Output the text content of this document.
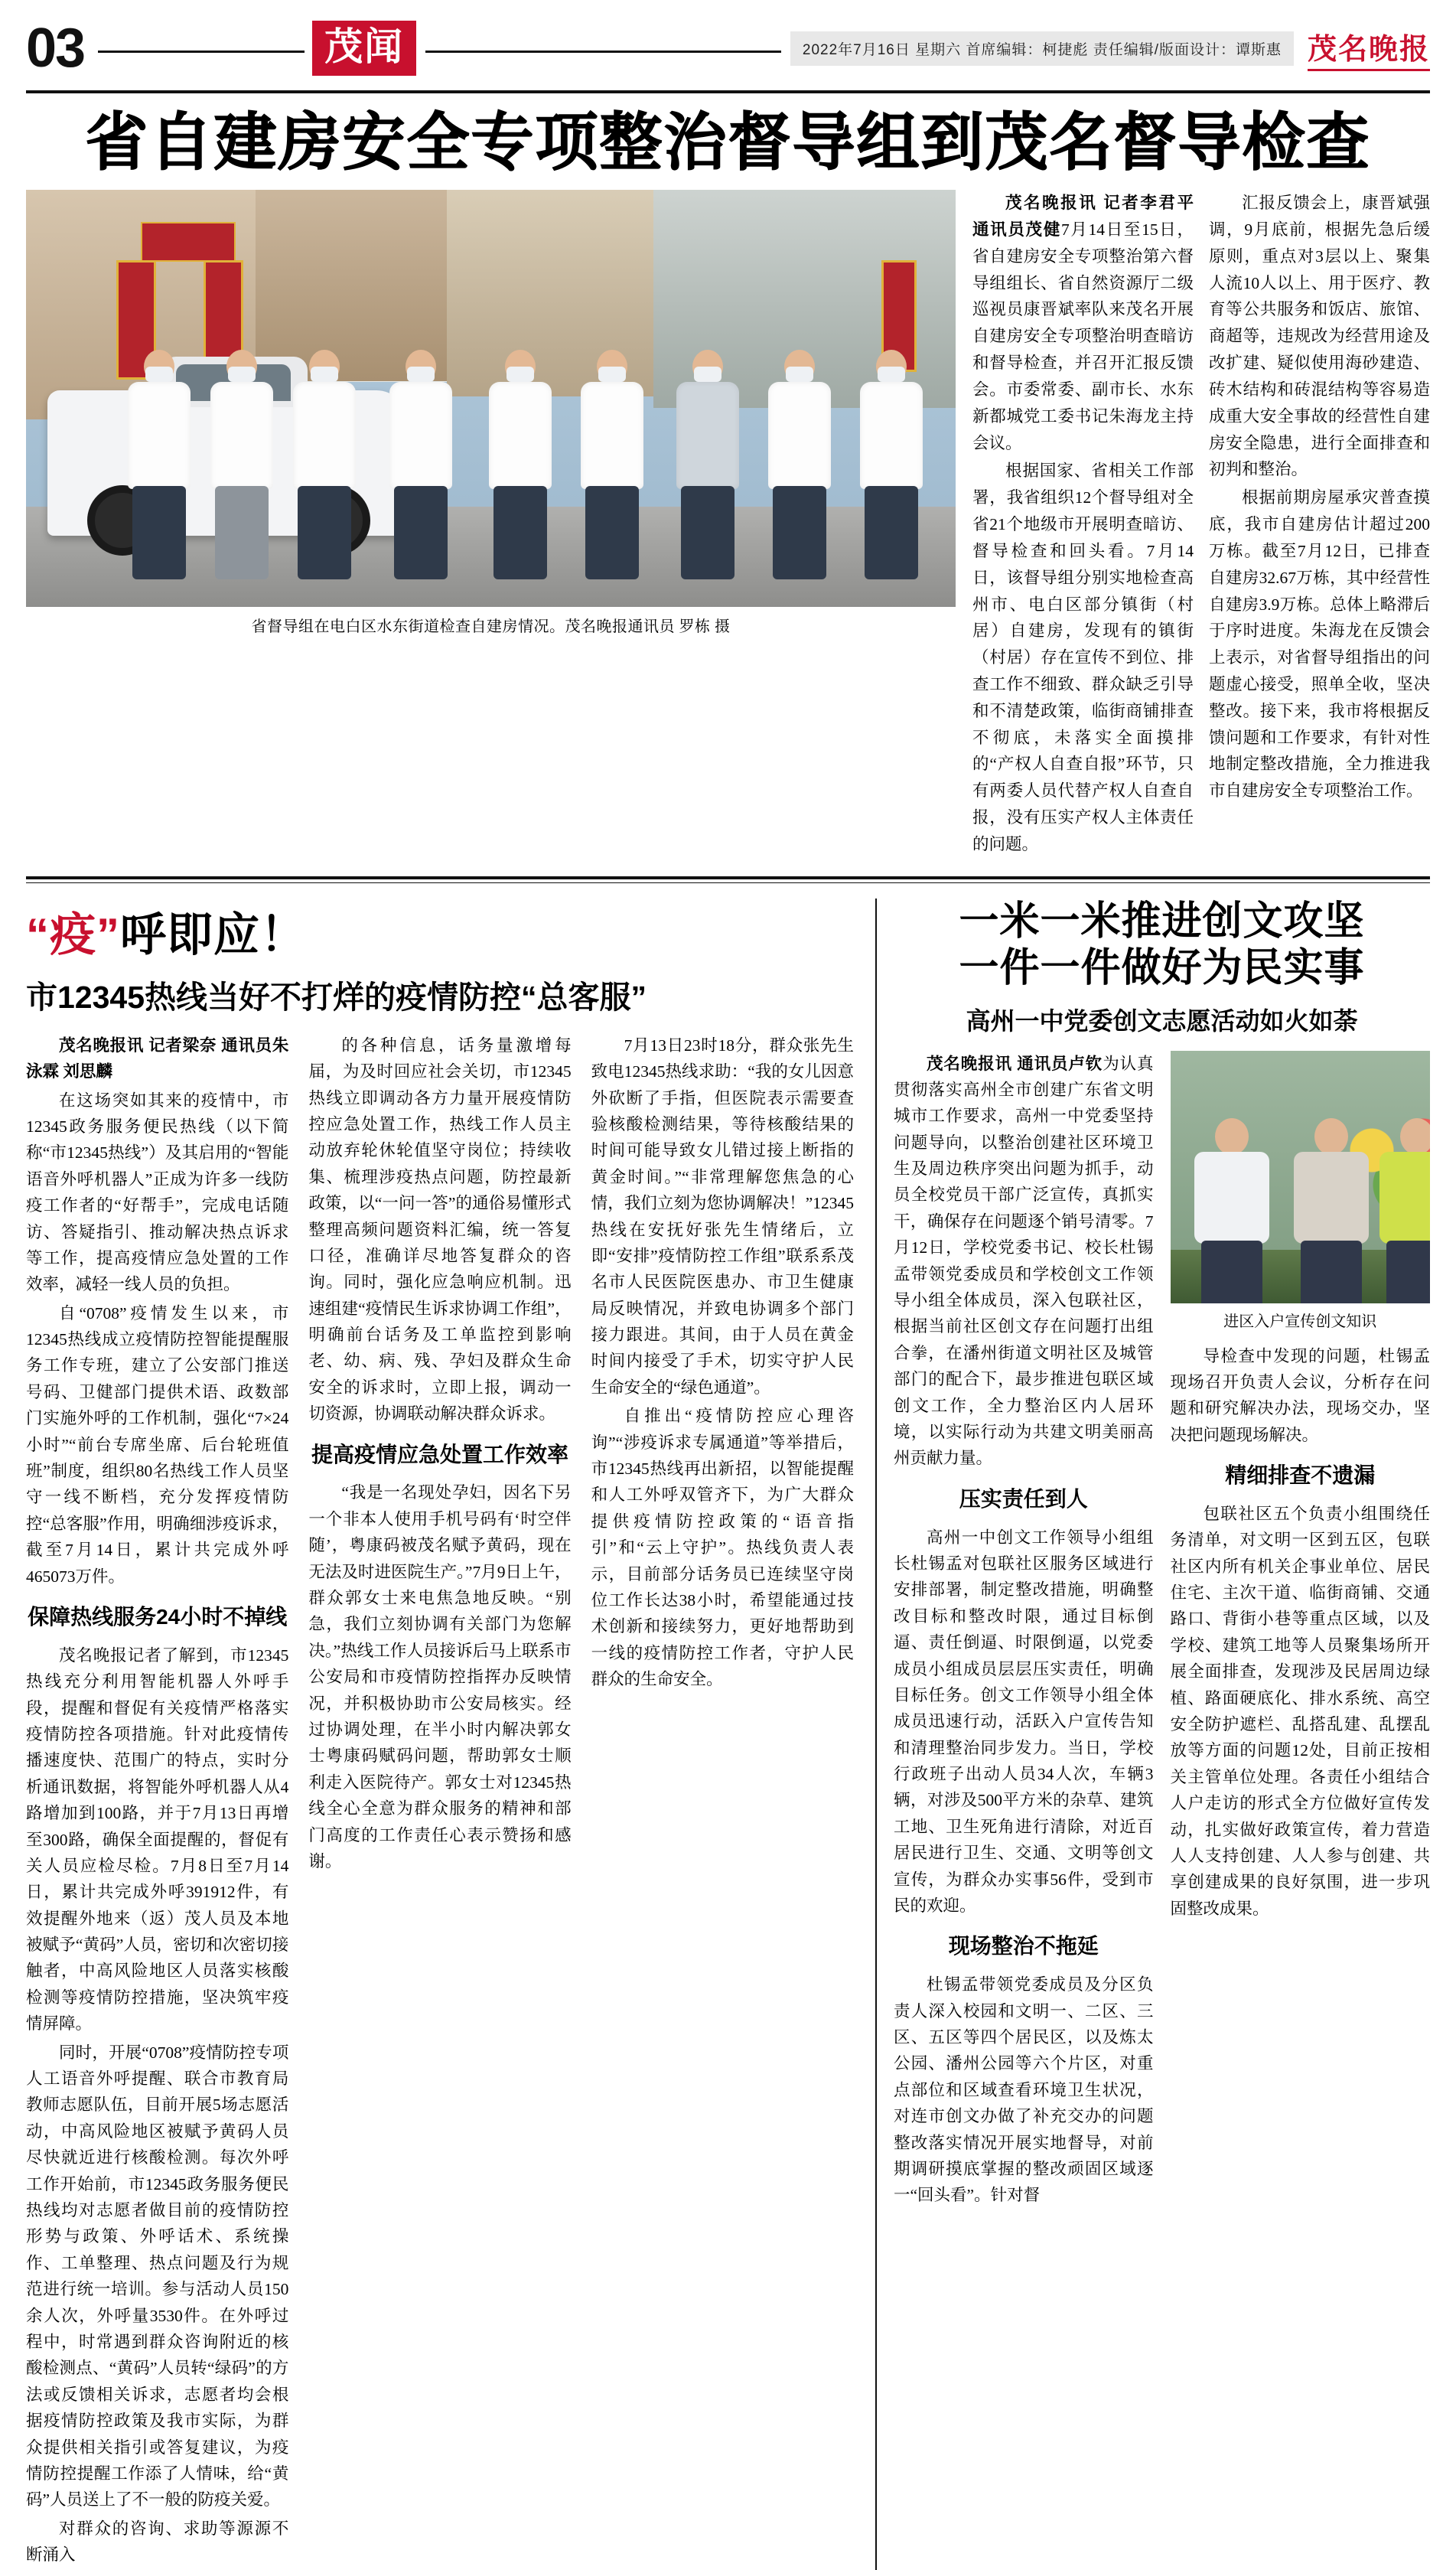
03	茂闻	2022年7月16日 星期六 首席编辑：柯捷彪 责任编辑/版面设计：谭斯惠 茂名晚报
省自建房安全专项整治督导组到茂名督导检查
省督导组在电白区水东街道检查自建房情况。茂名晚报通讯员 罗栋 摄

茂名晚报讯 记者李君平 通讯员茂健7月14日至15日，省自建房安全专项整治第六督导组组长、省自然资源厅二级巡视员康晋斌率队来茂名开展自建房安全专项整治明查暗访和督导检查，并召开汇报反馈会。市委常委、副市长、水东新都城党工委书记朱海龙主持会议。

根据国家、省相关工作部署，我省组织12个督导组对全省21个地级市开展明查暗访、督导检查和回头看。7月14日，该督导组分别实地检查高州市、电白区部分镇街（村居）自建房，发现有的镇街（村居）存在宣传不到位、排查工作不细致、群众缺乏引导和不清楚政策，临街商铺排查不彻底，未落实全面摸排的“产权人自查自报”环节，只有两委人员代替产权人自查自报，没有压实产权人主体责任的问题。

汇报反馈会上，康晋斌强调，9月底前，根据先急后缓原则，重点对3层以上、聚集人流10人以上、用于医疗、教育等公共服务和饭店、旅馆、商超等，违规改为经营用途及改扩建、疑似使用海砂建造、砖木结构和砖混结构等容易造成重大安全事故的经营性自建房安全隐患，进行全面排查和初判和整治。

根据前期房屋承灾普查摸底，我市自建房估计超过200万栋。截至7月12日，已排查自建房32.67万栋，其中经营性自建房3.9万栋。总体上略滞后于序时进度。朱海龙在反馈会上表示，对省督导组指出的问题虚心接受，照单全收，坚决整改。接下来，我市将根据反馈问题和工作要求，有针对性地制定整改措施，全力推进我市自建房安全专项整治工作。

“疫”呼即应！
市12345热线当好不打烊的疫情防控“总客服”

茂名晚报讯 记者梁奈 通讯员朱泳霖 刘思麟

在这场突如其来的疫情中，市12345政务服务便民热线（以下简称“市12345热线”）及其启用的“智能语音外呼机器人”正成为许多一线防疫工作者的“好帮手”，完成电话随访、答疑指引、推动解决热点诉求等工作，提高疫情应急处置的工作效率，减轻一线人员的负担。

自“0708”疫情发生以来，市12345热线成立疫情防控智能提醒服务工作专班，建立了公安部门推送号码、卫健部门提供术语、政数部门实施外呼的工作机制，强化“7×24小时”“前台专席坐席、后台轮班值班”制度，组织80名热线工作人员坚守一线不断档，充分发挥疫情防控“总客服”作用，明确细涉疫诉求，截至7月14日，累计共完成外呼465073万件。

保障热线服务24小时不掉线

茂名晚报记者了解到，市12345热线充分利用智能机器人外呼手段，提醒和督促有关疫情严格落实疫情防控各项措施。针对此疫情传播速度快、范围广的特点，实时分析通讯数据，将智能外呼机器人从4路增加到100路，并于7月13日再增至300路，确保全面提醒的，督促有关人员应检尽检。7月8日至7月14日，累计共完成外呼391912件，有效提醒外地来（返）茂人员及本地被赋予“黄码”人员，密切和次密切接触者，中高风险地区人员落实核酸检测等疫情防控措施，坚决筑牢疫情屏障。

同时，开展“0708”疫情防控专项人工语音外呼提醒、联合市教育局教师志愿队伍，目前开展5场志愿活动，中高风险地区被赋予黄码人员尽快就近进行核酸检测。每次外呼工作开始前，市12345政务服务便民热线均对志愿者做目前的疫情防控形势与政策、外呼话术、系统操作、工单整理、热点问题及行为规范进行统一培训。参与活动人员150余人次，外呼量3530件。在外呼过程中，时常遇到群众咨询附近的核酸检测点、“黄码”人员转“绿码”的方法或反馈相关诉求，志愿者均会根据疫情防控政策及我市实际，为群众提供相关指引或答复建议，为疫情防控提醒工作添了人情味，给“黄码”人员送上了不一般的防疫关爱。

对群众的咨询、求助等源源不断涌入

的各种信息，话务量激增每届，为及时回应社会关切，市12345热线立即调动各方力量开展疫情防控应急处置工作，热线工作人员主动放弃轮休轮值坚守岗位；持续收集、梳理涉疫热点问题，防控最新政策，以“一问一答”的通俗易懂形式整理高频问题资料汇编，统一答复口径，准确详尽地答复群众的咨询。同时，强化应急响应机制。迅速组建“疫情民生诉求协调工作组”，明确前台话务及工单监控到影响老、幼、病、残、孕妇及群众生命安全的诉求时，立即上报，调动一切资源，协调联动解决群众诉求。

提高疫情应急处置工作效率

“我是一名现处孕妇，因名下另一个非本人使用手机号码有‘时空伴随’，粤康码被茂名赋予黄码，现在无法及时进医院生产。”7月9日上午，群众郭女士来电焦急地反映。“别急，我们立刻协调有关部门为您解决。”热线工作人员接诉后马上联系市公安局和市疫情防控指挥办反映情况，并积极协助市公安局核实。经过协调处理，在半小时内解决郭女士粤康码赋码问题，帮助郭女士顺利走入医院待产。郭女士对12345热线全心全意为群众服务的精神和部门高度的工作责任心表示赞扬和感谢。

7月13日23时18分，群众张先生致电12345热线求助：“我的女儿因意外砍断了手指，但医院表示需要查验核酸检测结果，等待核酸结果的时间可能导致女儿错过接上断指的黄金时间。”“非常理解您焦急的心情，我们立刻为您协调解决！”12345热线在安抚好张先生情绪后，立即“安排”疫情防控工作组”联系系茂名市人民医院医患办、市卫生健康局反映情况，并致电协调多个部门接力跟进。其间，由于人员在黄金时间内接受了手术，切实守护人民生命安全的“绿色通道”。

自推出“疫情防控应心理咨询”“涉疫诉求专属通道”等举措后，市12345热线再出新招，以智能提醒和人工外呼双管齐下，为广大群众提供疫情防控政策的“语音指引”和“云上守护”。热线负责人表示，目前部分话务员已连续坚守岗位工作长达38小时，希望能通过技术创新和接续努力，更好地帮助到一线的疫情防控工作者，守护人民群众的生命安全。

一米一米推进创文攻坚
一件一件做好为民实事
高州一中党委创文志愿活动如火如荼

茂名晚报讯 通讯员卢钦为认真贯彻落实高州全市创建广东省文明城市工作要求，高州一中党委坚持问题导向，以整治创建社区环境卫生及周边秩序突出问题为抓手，动员全校党员干部广泛宣传，真抓实干，确保存在问题逐个销号清零。7月12日，学校党委书记、校长杜锡孟带领党委成员和学校创文工作领导小组全体成员，深入包联社区，根据当前社区创文存在问题打出组合拳，在潘州街道文明社区及城管部门的配合下，最步推进包联区域创文工作，全力整治区内人居环境，以实际行动为共建文明美丽高州贡献力量。

压实责任到人

高州一中创文工作领导小组组长杜锡孟对包联社区服务区域进行安排部署，制定整改措施，明确整改目标和整改时限，通过目标倒逼、责任倒逼、时限倒逼，以党委成员小组成员层层压实责任，明确目标任务。创文工作领导小组全体成员迅速行动，活跃入户宣传告知和清理整治同步发力。当日，学校行政班子出动人员34人次，车辆3辆，对涉及500平方米的杂草、建筑工地、卫生死角进行清除，对近百居民进行卫生、交通、文明等创文宣传，为群众办实事56件，受到市民的欢迎。

现场整治不拖延

杜锡孟带领党委成员及分区负责人深入校园和文明一、二区、三区、五区等四个居民区，以及炼太公园、潘州公园等六个片区，对重点部位和区域查看环境卫生状况，对连市创文办做了补充交办的问题整改落实情况开展实地督导，对前期调研摸底掌握的整改顽固区域逐一“回头看”。针对督

进区入户宣传创文知识

导检查中发现的问题，杜锡孟现场召开负责人会议，分析存在问题和研究解决办法，现场交办，坚决把问题现场解决。

精细排查不遗漏

包联社区五个负责小组围绕任务清单，对文明一区到五区，包联社区内所有机关企事业单位、居民住宅、主次干道、临街商铺、交通路口、背街小巷等重点区域，以及学校、建筑工地等人员聚集场所开展全面排查，发现涉及民居周边绿植、路面硬底化、排水系统、高空安全防护遮栏、乱搭乱建、乱摆乱放等方面的问题12处，目前正按相关主管单位处理。各责任小组结合人户走访的形式全方位做好宣传发动，扎实做好政策宣传，着力营造人人支持创建、人人参与创建、共享创建成果的良好氛围，进一步巩固整改成果。
